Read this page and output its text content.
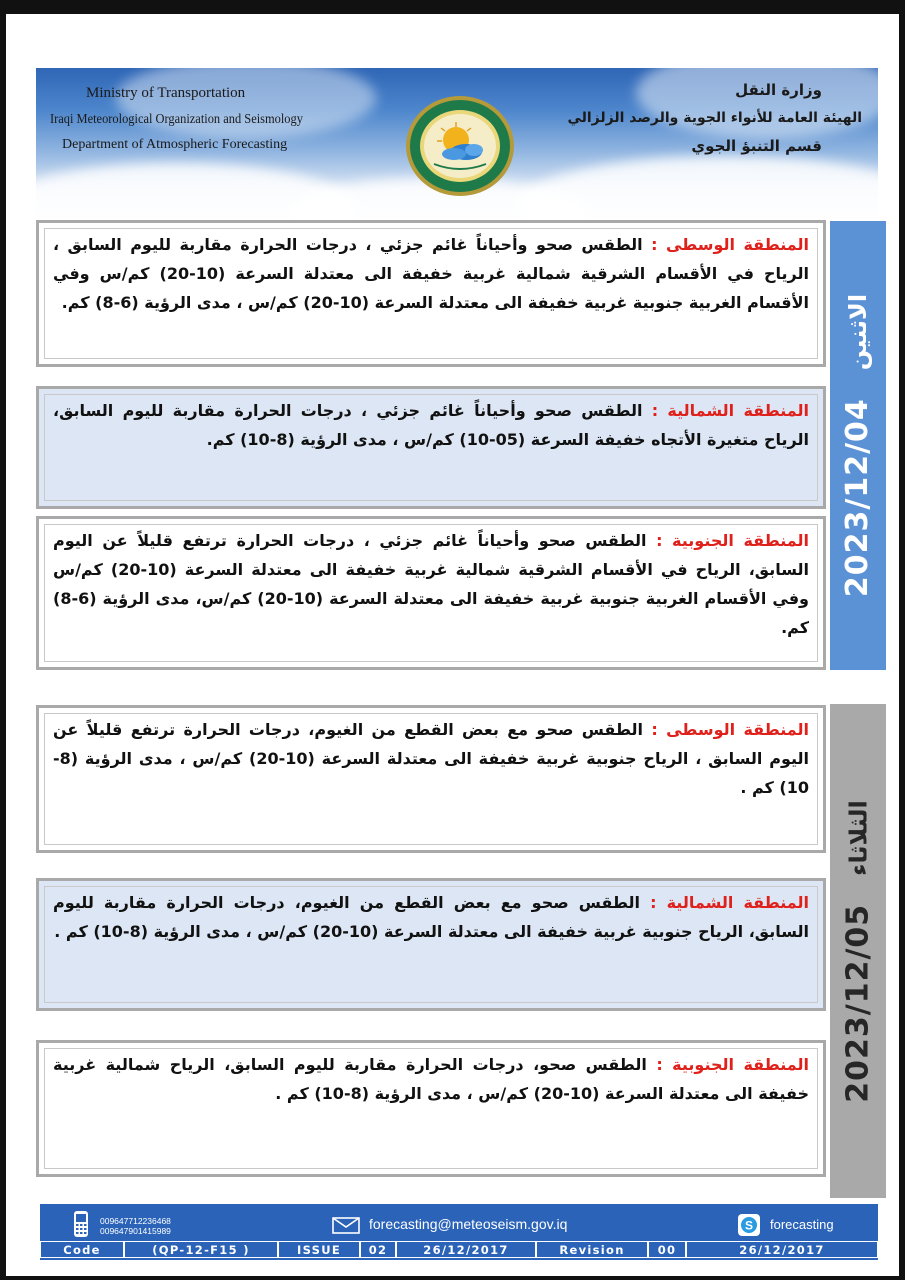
Ministry of Transportation
Iraqi Meteorological Organization and Seismology
Department of Atmospheric Forecasting
وزارة النقل
الهيئة العامة للأنواء الجوية والرصد الزلزالي
قسم التنبؤ الجوي
2023/12/04
الاثنين
المنطقة الوسطى : الطقس صحو وأحياناً غائم جزئي ، درجات الحرارة مقاربة لليوم السابق ، الرياح في الأقسام الشرقية شمالية غربية خفيفة الى معتدلة السرعة (10-20) كم/س وفي الأقسام الغربية جنوبية غربية خفيفة الى معتدلة السرعة (10-20) كم/س ، مدى الرؤية (6-8) كم.
المنطقة الشمالية : الطقس صحو وأحياناً غائم جزئي ، درجات الحرارة مقاربة لليوم السابق، الرياح متغيرة الأتجاه خفيفة السرعة (05-10) كم/س ، مدى الرؤية (8-10) كم.
المنطقة الجنوبية : الطقس صحو وأحياناً غائم جزئي ، درجات الحرارة ترتفع قليلاً عن اليوم السابق، الرياح في الأقسام الشرقية شمالية غربية خفيفة الى معتدلة السرعة (10-20) كم/س وفي الأقسام الغربية جنوبية غربية خفيفة الى معتدلة السرعة (10-20) كم/س، مدى الرؤية (6-8) كم.
2023/12/05
الثلاثاء
المنطقة الوسطى : الطقس صحو مع بعض القطع من الغيوم، درجات الحرارة ترتفع قليلاً عن اليوم السابق ، الرياح جنوبية غربية خفيفة الى معتدلة السرعة (10-20) كم/س ، مدى الرؤية (8-10) كم .
المنطقة الشمالية : الطقس صحو مع بعض القطع من الغيوم، درجات الحرارة مقاربة لليوم السابق، الرياح جنوبية غربية خفيفة الى معتدلة السرعة (10-20) كم/س ، مدى الرؤية (8-10) كم .
المنطقة الجنوبية : الطقس صحو، درجات الحرارة مقاربة لليوم السابق، الرياح شمالية غربية خفيفة الى معتدلة السرعة (10-20) كم/س ، مدى الرؤية (8-10) كم .
009647712236468
009647901415989	forecasting@meteoseism.gov.iq	S forecasting
Code	(QP-12-F15 )	ISSUE	02	26/12/2017	Revision	00	26/12/2017
